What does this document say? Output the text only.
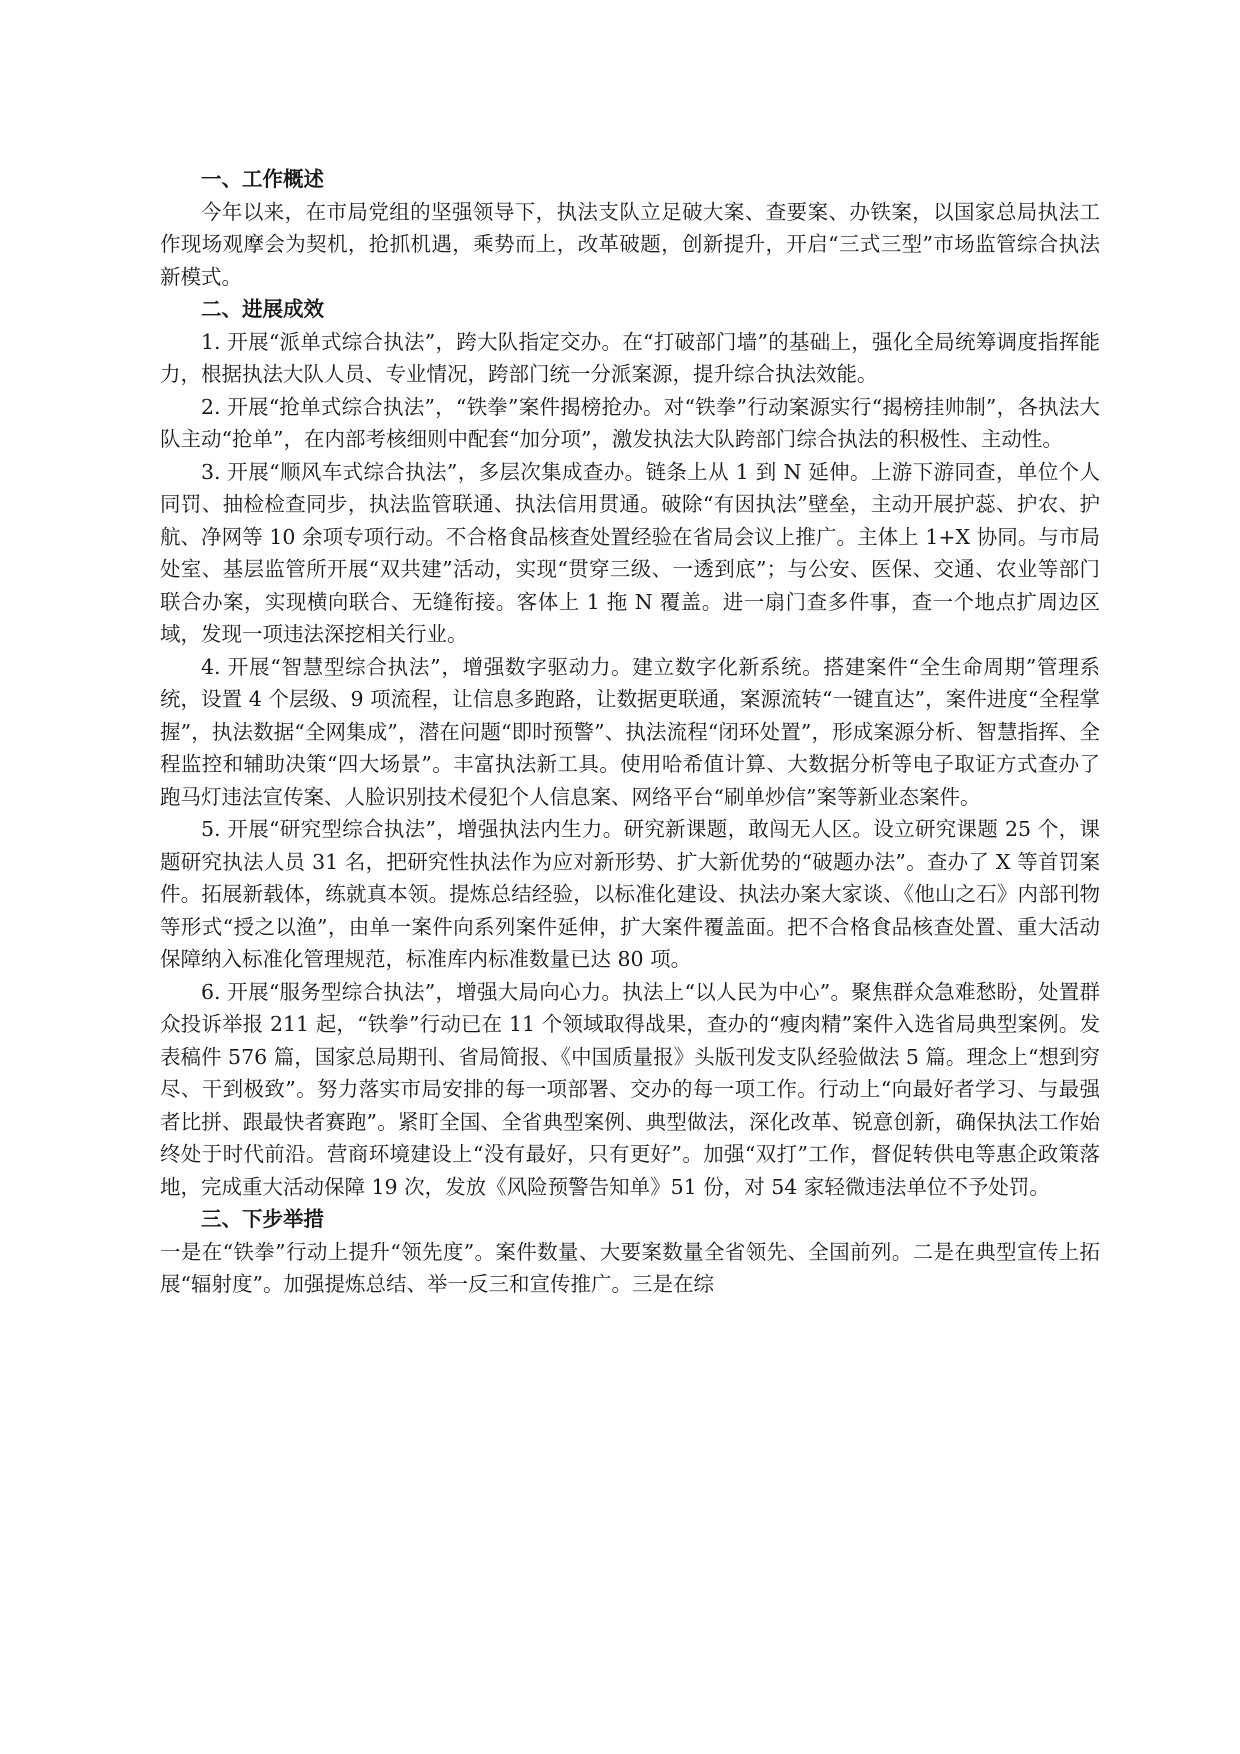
一、工作概述

今年以来，在市局党组的坚强领导下，执法支队立足破大案、查要案、办铁案，以国家总局执法工作现场观摩会为契机，抢抓机遇，乘势而上，改革破题，创新提升，开启“三式三型”市场监管综合执法新模式。

二、进展成效

1. 开展“派单式综合执法”，跨大队指定交办。在“打破部门墙”的基础上，强化全局统筹调度指挥能力，根据执法大队人员、专业情况，跨部门统一分派案源，提升综合执法效能。

2. 开展“抢单式综合执法”，“铁拳”案件揭榜抢办。对“铁拳”行动案源实行“揭榜挂帅制”，各执法大队主动“抢单”，在内部考核细则中配套“加分项”，激发执法大队跨部门综合执法的积极性、主动性。

3. 开展“顺风车式综合执法”，多层次集成查办。链条上从 1 到 N 延伸。上游下游同查，单位个人同罚、抽检检查同步，执法监管联通、执法信用贯通。破除“有因执法”壁垒，主动开展护蕊、护农、护航、净网等 10 余项专项行动。不合格食品核查处置经验在省局会议上推广。主体上 1+X 协同。与市局处室、基层监管所开展“双共建”活动，实现“贯穿三级、一透到底”；与公安、医保、交通、农业等部门联合办案，实现横向联合、无缝衔接。客体上 1 拖 N 覆盖。进一扇门查多件事，查一个地点扩周边区域，发现一项违法深挖相关行业。

4. 开展“智慧型综合执法”，增强数字驱动力。建立数字化新系统。搭建案件“全生命周期”管理系统，设置 4 个层级、9 项流程，让信息多跑路，让数据更联通，案源流转“一键直达”，案件进度“全程掌握”，执法数据“全网集成”，潜在问题“即时预警”、执法流程“闭环处置”，形成案源分析、智慧指挥、全程监控和辅助决策“四大场景”。丰富执法新工具。使用哈希值计算、大数据分析等电子取证方式查办了跑马灯违法宣传案、人脸识别技术侵犯个人信息案、网络平台“刷单炒信”案等新业态案件。

5. 开展“研究型综合执法”，增强执法内生力。研究新课题，敢闯无人区。设立研究课题 25 个，课题研究执法人员 31 名，把研究性执法作为应对新形势、扩大新优势的“破题办法”。查办了 X 等首罚案件。拓展新载体，练就真本领。提炼总结经验，以标准化建设、执法办案大家谈、《他山之石》内部刊物等形式“授之以渔”，由单一案件向系列案件延伸，扩大案件覆盖面。把不合格食品核查处置、重大活动保障纳入标准化管理规范，标准库内标准数量已达 80 项。

6. 开展“服务型综合执法”，增强大局向心力。执法上“以人民为中心”。聚焦群众急难愁盼，处置群众投诉举报 211 起，“铁拳”行动已在 11 个领域取得战果，查办的“瘦肉精”案件入选省局典型案例。发表稿件 576 篇，国家总局期刊、省局简报、《中国质量报》头版刊发支队经验做法 5 篇。理念上“想到穷尽、干到极致”。努力落实市局安排的每一项部署、交办的每一项工作。行动上“向最好者学习、与最强者比拼、跟最快者赛跑”。紧盯全国、全省典型案例、典型做法，深化改革、锐意创新，确保执法工作始终处于时代前沿。营商环境建设上“没有最好，只有更好”。加强“双打”工作，督促转供电等惠企政策落地，完成重大活动保障 19 次，发放《风险预警告知单》51 份，对 54 家轻微违法单位不予处罚。

三、下步举措

一是在“铁拳”行动上提升“领先度”。案件数量、大要案数量全省领先、全国前列。二是在典型宣传上拓展“辐射度”。加强提炼总结、举一反三和宣传推广。三是在综
